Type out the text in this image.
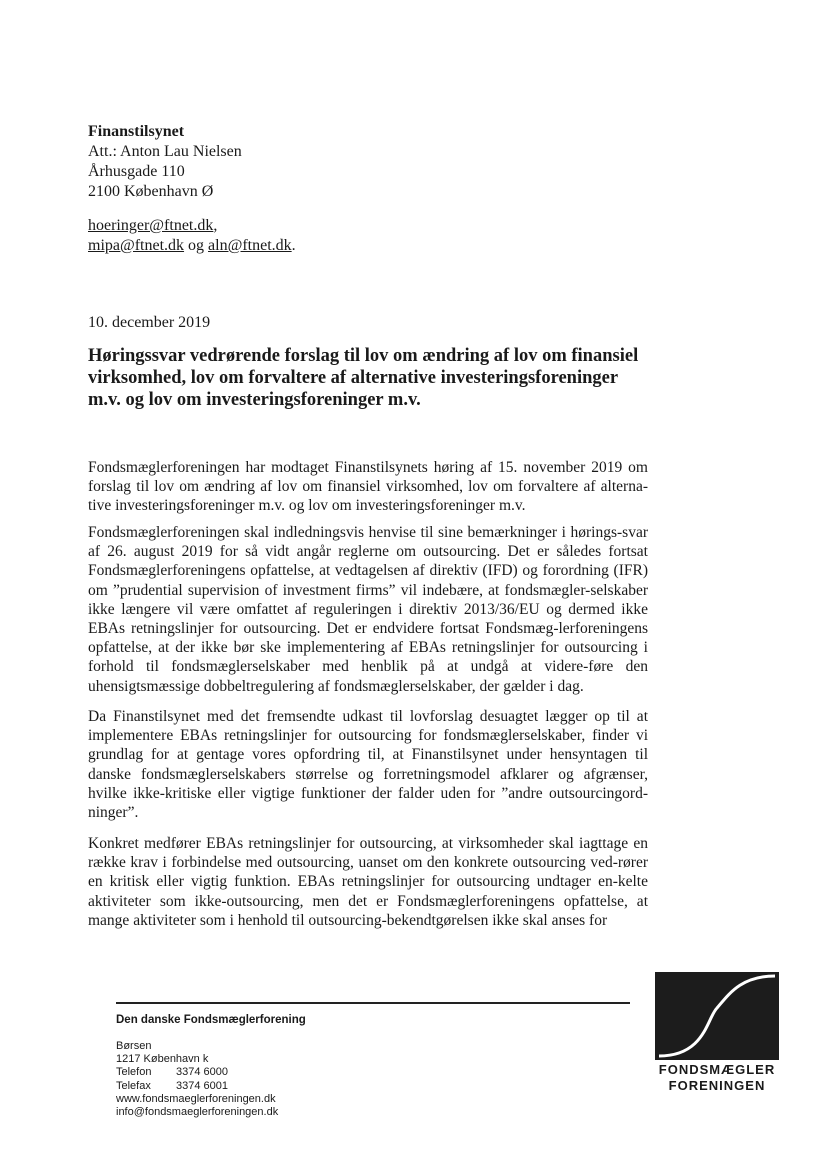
Finanstilsynet
Att.: Anton Lau Nielsen
Århusgade 110
2100 København Ø
hoeringer@ftnet.dk,
mipa@ftnet.dk og aln@ftnet.dk.
10. december 2019
Høringssvar vedrørende forslag til lov om ændring af lov om finansiel virksomhed, lov om forvaltere af alternative investeringsforeninger m.v. og lov om investeringsforeninger m.v.

Fondsmæglerforeningen har modtaget Finanstilsynets høring af 15. november 2019 om forslag til lov om ændring af lov om finansiel virksomhed, lov om forvaltere af alterna-tive investeringsforeninger m.v. og lov om investeringsforeninger m.v.

Fondsmæglerforeningen skal indledningsvis henvise til sine bemærkninger i hørings-svar af 26. august 2019 for så vidt angår reglerne om outsourcing. Det er således fortsat Fondsmæglerforeningens opfattelse, at vedtagelsen af direktiv (IFD) og forordning (IFR) om ”prudential supervision of investment firms” vil indebære, at fondsmægler-selskaber ikke længere vil være omfattet af reguleringen i direktiv 2013/36/EU og dermed ikke EBAs retningslinjer for outsourcing. Det er endvidere fortsat Fondsmæg-lerforeningens opfattelse, at der ikke bør ske implementering af EBAs retningslinjer for outsourcing i forhold til fondsmæglerselskaber med henblik på at undgå at videre-føre den uhensigtsmæssige dobbeltregulering af fondsmæglerselskaber, der gælder i dag.

Da Finanstilsynet med det fremsendte udkast til lovforslag desuagtet lægger op til at implementere EBAs retningslinjer for outsourcing for fondsmæglerselskaber, finder vi grundlag for at gentage vores opfordring til, at Finanstilsynet under hensyntagen til danske fondsmæglerselskabers størrelse og forretningsmodel afklarer og afgrænser, hvilke ikke-kritiske eller vigtige funktioner der falder uden for ”andre outsourcingord-ninger”.

Konkret medfører EBAs retningslinjer for outsourcing, at virksomheder skal iagttage en række krav i forbindelse med outsourcing, uanset om den konkrete outsourcing ved-rører en kritisk eller vigtig funktion. EBAs retningslinjer for outsourcing undtager en-kelte aktiviteter som ikke-outsourcing, men det er Fondsmæglerforeningens opfattelse, at mange aktiviteter som i henhold til outsourcing-bekendtgørelsen ikke skal anses for

Den danske Fondsmæglerforening
Børsen
1217 København k
Telefon 3374 6000
Telefax 3374 6001
www.fondsmaeglerforeningen.dk
info@fondsmaeglerforeningen.dk
FONDSMÆGLER
FORENINGEN
